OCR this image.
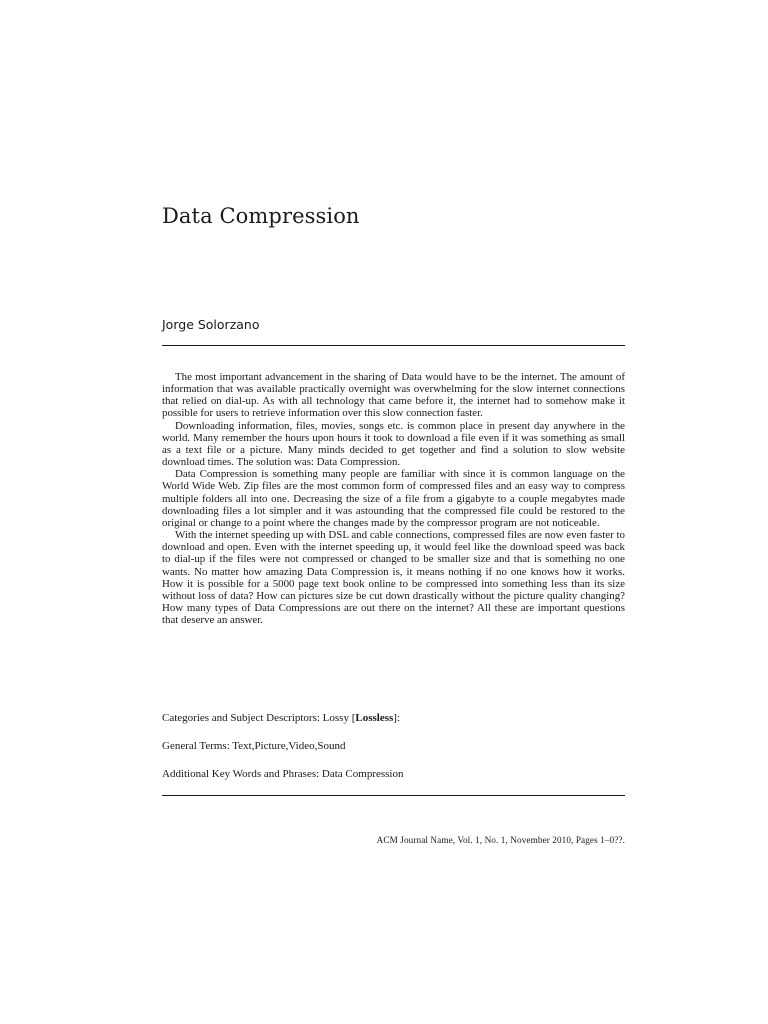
Data Compression
Jorge Solorzano

The most important advancement in the sharing of Data would have to be the internet. The amount of information that was available practically overnight was overwhelming for the slow internet connections that relied on dial-up. As with all technology that came before it, the internet had to somehow make it possible for users to retrieve information over this slow connection faster.

Downloading information, files, movies, songs etc. is common place in present day anywhere in the world. Many remember the hours upon hours it took to download a file even if it was something as small as a text file or a picture. Many minds decided to get together and find a solution to slow website download times. The solution was: Data Compression.

Data Compression is something many people are familiar with since it is common language on the World Wide Web. Zip files are the most common form of compressed files and an easy way to compress multiple folders all into one. Decreasing the size of a file from a gigabyte to a couple megabytes made downloading files a lot simpler and it was astounding that the compressed file could be restored to the original or change to a point where the changes made by the compressor program are not noticeable.

With the internet speeding up with DSL and cable connections, compressed files are now even faster to download and open. Even with the internet speeding up, it would feel like the download speed was back to dial-up if the files were not compressed or changed to be smaller size and that is something no one wants. No matter how amazing Data Compression is, it means nothing if no one knows how it works. How it is possible for a 5000 page text book online to be compressed into something less than its size without loss of data? How can pictures size be cut down drastically without the picture quality changing? How many types of Data Compressions are out there on the internet? All these are important questions that deserve an answer.

Categories and Subject Descriptors: Lossy [Lossless]:

General Terms: Text,Picture,Video,Sound

Additional Key Words and Phrases: Data Compression

ACM Journal Name, Vol. 1, No. 1, November 2010, Pages 1–0??.
